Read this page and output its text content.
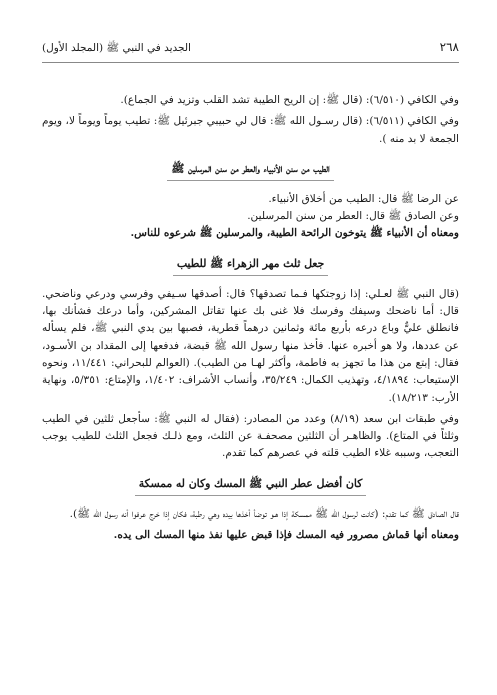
٢٦٨
الجديد في النبي ﷺ (المجلد الأول)

وفي الكافي (٦/٥١٠): (قال ﷺ: إن الريح الطيبة تشد القلب وتزيد في الجماع).

وفي الكافي (٦/٥١١): (قال رسـول الله ﷺ: قال لي حبيبي جبرئيل ﷺ: تطيب يوماً ويوماً لا، ويوم الجمعة لا بد منه ).

الطيب من سنن الأنبياء والعطر من سنن المرسلين ﷺ

عن الرضا ﷺ قال: الطيب من أخلاق الأنبياء.

وعن الصادق ﷺ قال: العطر من سنن المرسلين.

ومعناه أن الأنبياء ﷺ يتوخون الرائحة الطيبة، والمرسلين ﷺ شرعوه للناس.

جعل ثلث مهر الزهراء ﷺ للطيب

(قال النبي ﷺ لعـلي: إذا زوجتكها فـما تصدقها؟ قال: أصدقها سـيفي وفرسي ودرعي وناضحي. قال: أما ناضحك وسيفك وفرسك فلا غنى بك عنها تقاتل المشركين، وأما درعك فشأنك بها، فانطلق عليٌّ وباع درعه بأربع مائة وثمانين درهماً قطرية، فصبها بين يدي النبي ﷺ، فلم يسأله عن عددها، ولا هو أخبره عنها. فأخذ منها رسول الله ﷺ قبضة، فدفعها إلى المقداد بن الأسـود، فقال: إبتع من هذا ما تجهز به فاطمة، وأكثر لهـا من الطيب). (العوالم للبحراني: ١١/٤٤١، ونحوه الإستيعاب: ٤/١٨٩٤، وتهذيب الكمال: ٣٥/٢٤٩، وأنساب الأشراف: ١/٤٠٢، والإمتاع: ٥/٣٥١، ونهاية الأرب: ١٨/٢١٣).

وفي طبقات ابن سعد (٨/١٩) وعدد من المصادر: (فقال له النبي ﷺ: سأجعل ثلثين في الطيب وثلثاً في المتاع). والظاهـر أن الثلثين مصحفـة عن الثلث، ومع ذلـك فجعل الثلث للطيب يوجب التعجب، وسببه غلاء الطيب قلته في عصرهم كما تقدم.

كان أفضل عطر النبي ﷺ المسك وكان له ممسكة

قال الصادق ﷺ كما تقدم: (كانت لرسول الله ﷺ ممسكة إذا هـو توضأ أخذها بيده وهي رطبة، فكان إذا خرج عرفوا أنه رسول الله ﷺ).

ومعناه أنها قماش مصرور فيه المسك فإذا قبض عليها نفذ منها المسك الى يده.
